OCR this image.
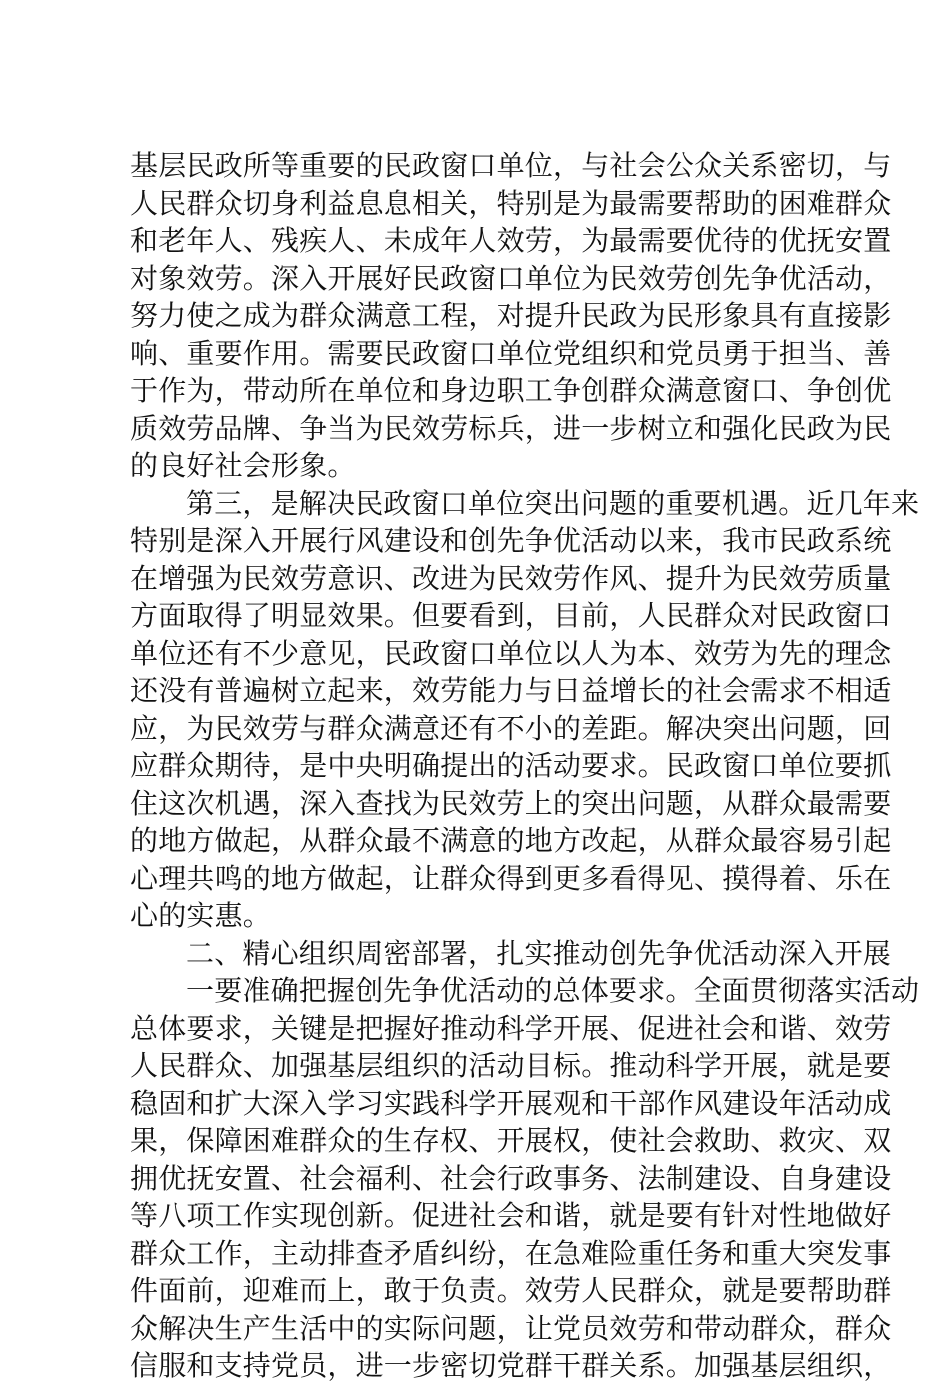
基层民政所等重要的民政窗口单位，与社会公众关系密切，与
人民群众切身利益息息相关，特别是为最需要帮助的困难群众
和老年人、残疾人、未成年人效劳，为最需要优待的优抚安置
对象效劳。深入开展好民政窗口单位为民效劳创先争优活动，
努力使之成为群众满意工程，对提升民政为民形象具有直接影
响、重要作用。需要民政窗口单位党组织和党员勇于担当、善
于作为，带动所在单位和身边职工争创群众满意窗口、争创优
质效劳品牌、争当为民效劳标兵，进一步树立和强化民政为民
的良好社会形象。
第三，是解决民政窗口单位突出问题的重要机遇。近几年来
特别是深入开展行风建设和创先争优活动以来，我市民政系统
在增强为民效劳意识、改进为民效劳作风、提升为民效劳质量
方面取得了明显效果。但要看到，目前，人民群众对民政窗口
单位还有不少意见，民政窗口单位以人为本、效劳为先的理念
还没有普遍树立起来，效劳能力与日益增长的社会需求不相适
应，为民效劳与群众满意还有不小的差距。解决突出问题，回
应群众期待，是中央明确提出的活动要求。民政窗口单位要抓
住这次机遇，深入查找为民效劳上的突出问题，从群众最需要
的地方做起，从群众最不满意的地方改起，从群众最容易引起
心理共鸣的地方做起，让群众得到更多看得见、摸得着、乐在
心的实惠。
二、精心组织周密部署，扎实推动创先争优活动深入开展
一要准确把握创先争优活动的总体要求。全面贯彻落实活动
总体要求，关键是把握好推动科学开展、促进社会和谐、效劳
人民群众、加强基层组织的活动目标。推动科学开展，就是要
稳固和扩大深入学习实践科学开展观和干部作风建设年活动成
果，保障困难群众的生存权、开展权，使社会救助、救灾、双
拥优抚安置、社会福利、社会行政事务、法制建设、自身建设
等八项工作实现创新。促进社会和谐，就是要有针对性地做好
群众工作，主动排查矛盾纠纷，在急难险重任务和重大突发事
件面前，迎难而上，敢于负责。效劳人民群众，就是要帮助群
众解决生产生活中的实际问题，让党员效劳和带动群众，群众
信服和支持党员，进一步密切党群干群关系。加强基层组织，
